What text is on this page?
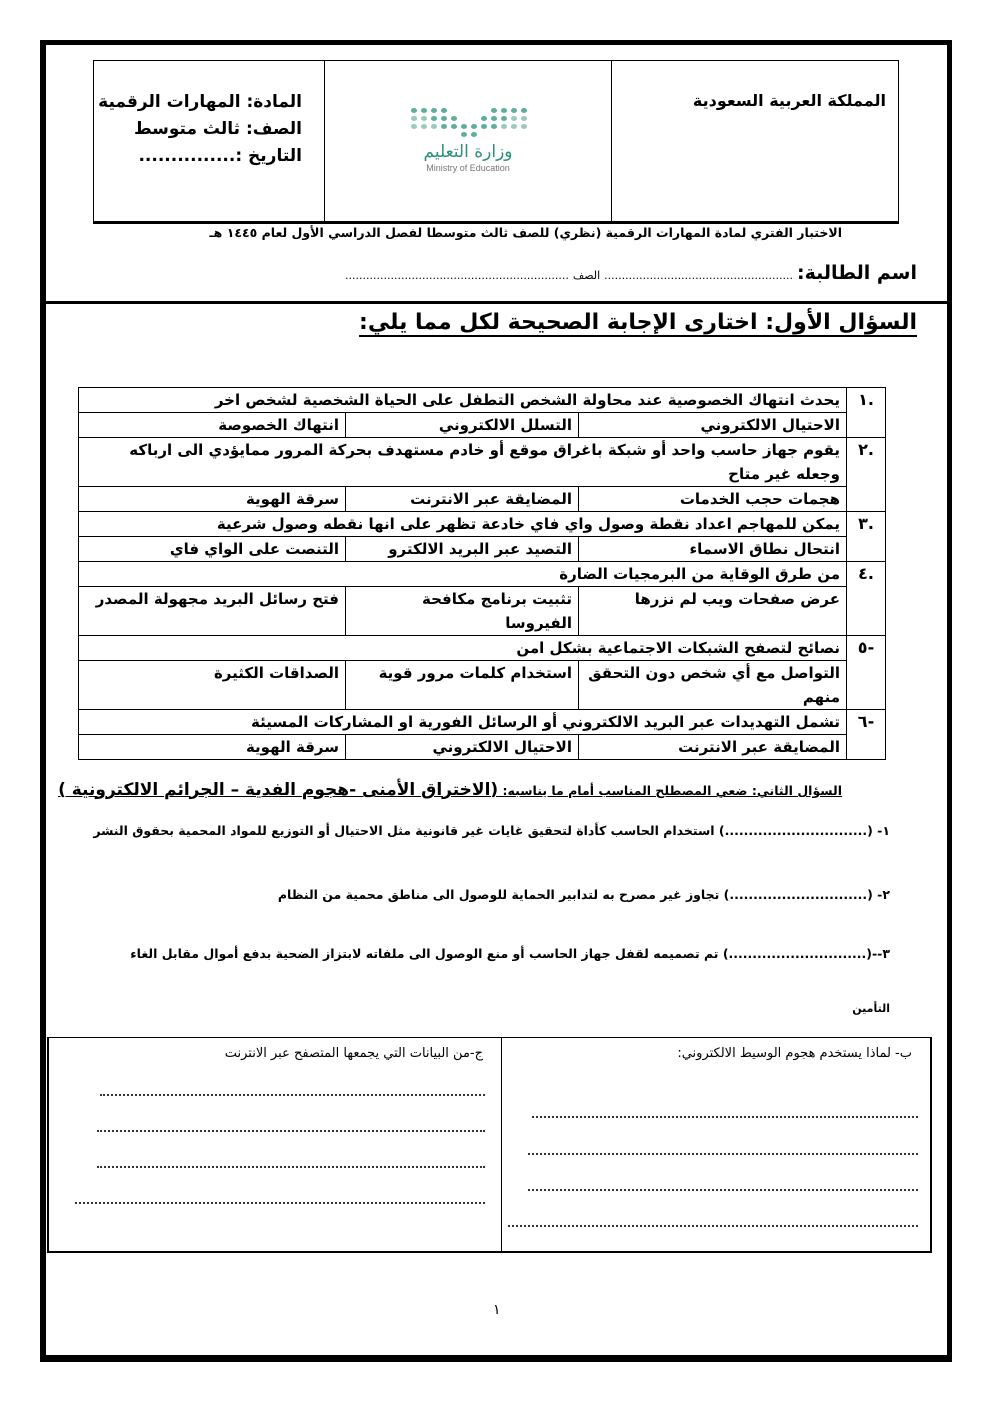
المملكة العربية السعودية	
وزارة التعليم
Ministry of Education

المادة: المهارات الرقمية
الصف: ثالث متوسط
التاريخ :...............
الاختبار الفتري لمادة المهارات الرقمية (نظري) للصف ثالث متوسطا لفصل الدراسي الأول لعام ١٤٤٥ هـ
اسم الطالبة:
......................................................
الصف
................................................................
السؤال الأول: اختارى الإجابة الصحيحة لكل مما يلي:
.١	يحدث انتهاك الخصوصية عند محاولة الشخص التطفل على الحياة الشخصية لشخص اخر		
	الاحتيال الالكتروني	التسلل الالكتروني	انتهاك الخصوصة
.٢	يقوم جهاز حاسب واحد أو شبكة باغراق موقع أو خادم مستهدف بحركة المرور ممايؤدي الى ارباكه وجعله غير متاح		
	هجمات حجب الخدمات	المضايقة عبر الانترنت	سرقة الهوية
.٣	يمكن للمهاجم اعداد نقطة وصول واي فاي خادعة تظهر على انها نقطه وصول شرعية		
	انتحال نطاق الاسماء	التصيد عبر البريد الالكترو	التنصت على الواي فاي
.٤	من طرق الوقاية من البرمجيات الضارة		
	عرض صفحات ويب لم نزرها	تثبيت برنامج مكافحة الفيروسا	فتح رسائل البريد مجهولة المصدر
-٥	نصائح لتصفح الشبكات الاجتماعية بشكل امن		
	التواصل مع أي شخص دون التحقق منهم	استخدام كلمات مرور قوية	الصداقات الكثيرة
-٦	تشمل التهديدات عبر البريد الالكتروني أو الرسائل الفورية او المشاركات المسيئة		
	المضايقة عبر الانترنت	الاحتيال الالكتروني	سرقة الهوية
السؤال الثاني: ضعي المصطلح المناسب أمام ما يناسبه: (الاختراق الأمنى -هجوم الفدية – الجرائم الالكترونية )
١- (..............................) استخدام الحاسب كأداة لتحقيق غايات غير قانونية مثل الاحتيال أو التوزيع للمواد المحمية بحقوق النشر
٢- (.............................) تجاوز غير مصرح به لتدابير الحماية للوصول الى مناطق محمية من النظام
٣--(.............................) تم تصميمه لقفل جهاز الحاسب أو منع الوصول الى ملفاته لابتزاز الضحية بدفع أموال مقابل الغاء
التأمين
ب- لماذا يستخدم هجوم الوسيط الالكتروني:
ج-من البيانات التي يجمعها المتصفح عبر الانترنت
١
